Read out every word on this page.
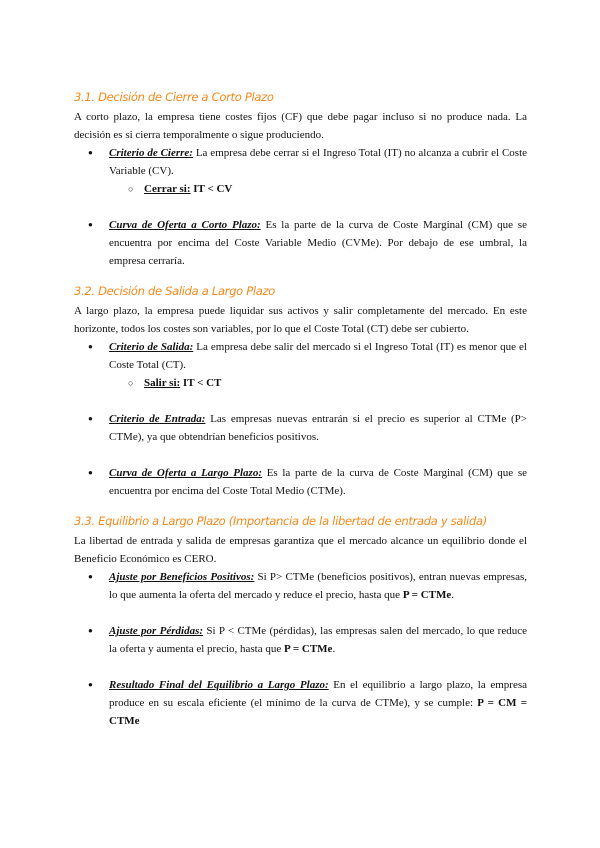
3.1. Decisión de Cierre a Corto Plazo

A corto plazo, la empresa tiene costes fijos (CF) que debe pagar incluso si no produce nada. La decisión es si cierra temporalmente o sigue produciendo.

● Criterio de Cierre: La empresa debe cerrar si el Ingreso Total (IT) no alcanza a cubrir el Coste Variable (CV).
○ Cerrar si: IT < CV
● Curva de Oferta a Corto Plazo: Es la parte de la curva de Coste Marginal (CM) que se encuentra por encima del Coste Variable Medio (CVMe). Por debajo de ese umbral, la empresa cerraría.
3.2. Decisión de Salida a Largo Plazo

A largo plazo, la empresa puede liquidar sus activos y salir completamente del mercado. En este horizonte, todos los costes son variables, por lo que el Coste Total (CT) debe ser cubierto.

● Criterio de Salida: La empresa debe salir del mercado si el Ingreso Total (IT) es menor que el Coste Total (CT).
○ Salir si: IT < CT
● Criterio de Entrada: Las empresas nuevas entrarán si el precio es superior al CTMe (P> CTMe), ya que obtendrían beneficios positivos.
● Curva de Oferta a Largo Plazo: Es la parte de la curva de Coste Marginal (CM) que se encuentra por encima del Coste Total Medio (CTMe).
3.3. Equilibrio a Largo Plazo (Importancia de la libertad de entrada y salida)

La libertad de entrada y salida de empresas garantiza que el mercado alcance un equilibrio donde el Beneficio Económico es CERO.

● Ajuste por Beneficios Positivos: Si P> CTMe (beneficios positivos), entran nuevas empresas, lo que aumenta la oferta del mercado y reduce el precio, hasta que P = CTMe.
● Ajuste por Pérdidas: Si P < CTMe (pérdidas), las empresas salen del mercado, lo que reduce la oferta y aumenta el precio, hasta que P = CTMe.
● Resultado Final del Equilibrio a Largo Plazo: En el equilibrio a largo plazo, la empresa produce en su escala eficiente (el mínimo de la curva de CTMe), y se cumple: P = CM = CTMe
